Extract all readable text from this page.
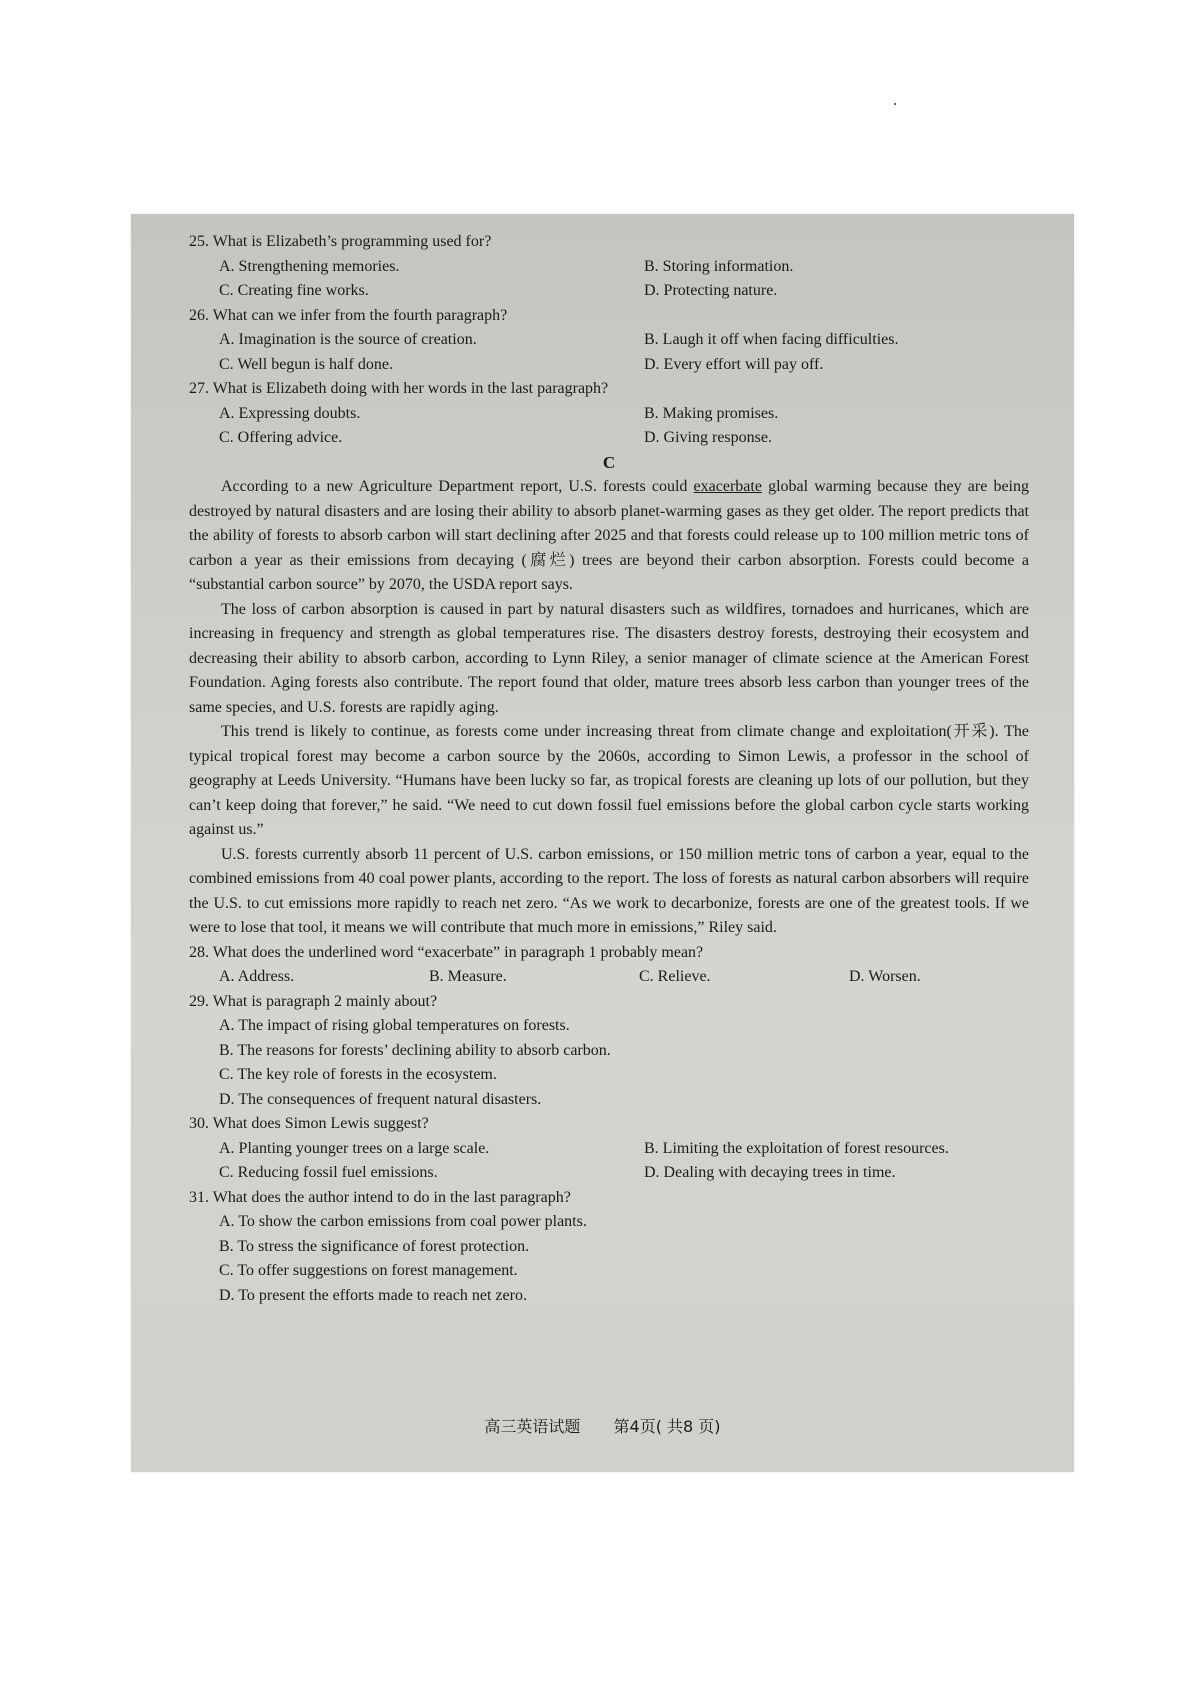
25. What is Elizabeth’s programming used for?

A. Strengthening memories.	B. Storing information.
C. Creating fine works.	D. Protecting nature.

26. What can we infer from the fourth paragraph?

A. Imagination is the source of creation.	B. Laugh it off when facing difficulties.
C. Well begun is half done.	D. Every effort will pay off.

27. What is Elizabeth doing with her words in the last paragraph?

A. Expressing doubts.	B. Making promises.
C. Offering advice.	D. Giving response.

C

According to a new Agriculture Department report, U.S. forests could exacerbate global warming because they are being destroyed by natural disasters and are losing their ability to absorb planet-warming gases as they get older. The report predicts that the ability of forests to absorb carbon will start declining after 2025 and that forests could release up to 100 million metric tons of carbon a year as their emissions from decaying (腐烂) trees are beyond their carbon absorption. Forests could become a “substantial carbon source” by 2070, the USDA report says.

The loss of carbon absorption is caused in part by natural disasters such as wildfires, tornadoes and hurricanes, which are increasing in frequency and strength as global temperatures rise. The disasters destroy forests, destroying their ecosystem and decreasing their ability to absorb carbon, according to Lynn Riley, a senior manager of climate science at the American Forest Foundation. Aging forests also contribute. The report found that older, mature trees absorb less carbon than younger trees of the same species, and U.S. forests are rapidly aging.

This trend is likely to continue, as forests come under increasing threat from climate change and exploitation(开采). The typical tropical forest may become a carbon source by the 2060s, according to Simon Lewis, a professor in the school of geography at Leeds University. “Humans have been lucky so far, as tropical forests are cleaning up lots of our pollution, but they can’t keep doing that forever,” he said. “We need to cut down fossil fuel emissions before the global carbon cycle starts working against us.”

U.S. forests currently absorb 11 percent of U.S. carbon emissions, or 150 million metric tons of carbon a year, equal to the combined emissions from 40 coal power plants, according to the report. The loss of forests as natural carbon absorbers will require the U.S. to cut emissions more rapidly to reach net zero. “As we work to decarbonize, forests are one of the greatest tools. If we were to lose that tool, it means we will contribute that much more in emissions,” Riley said.

28. What does the underlined word “exacerbate” in paragraph 1 probably mean?

A. Address.	B. Measure.	C. Relieve.	D. Worsen.

29. What is paragraph 2 mainly about?

A. The impact of rising global temperatures on forests.
B. The reasons for forests’ declining ability to absorb carbon.
C. The key role of forests in the ecosystem.
D. The consequences of frequent natural disasters.

30. What does Simon Lewis suggest?

A. Planting younger trees on a large scale.	B. Limiting the exploitation of forest resources.
C. Reducing fossil fuel emissions.	D. Dealing with decaying trees in time.

31. What does the author intend to do in the last paragraph?

A. To show the carbon emissions from coal power plants.
B. To stress the significance of forest protection.
C. To offer suggestions on forest management.
D. To present the efforts made to reach net zero.
高三英语试题 第4页( 共8 页)
